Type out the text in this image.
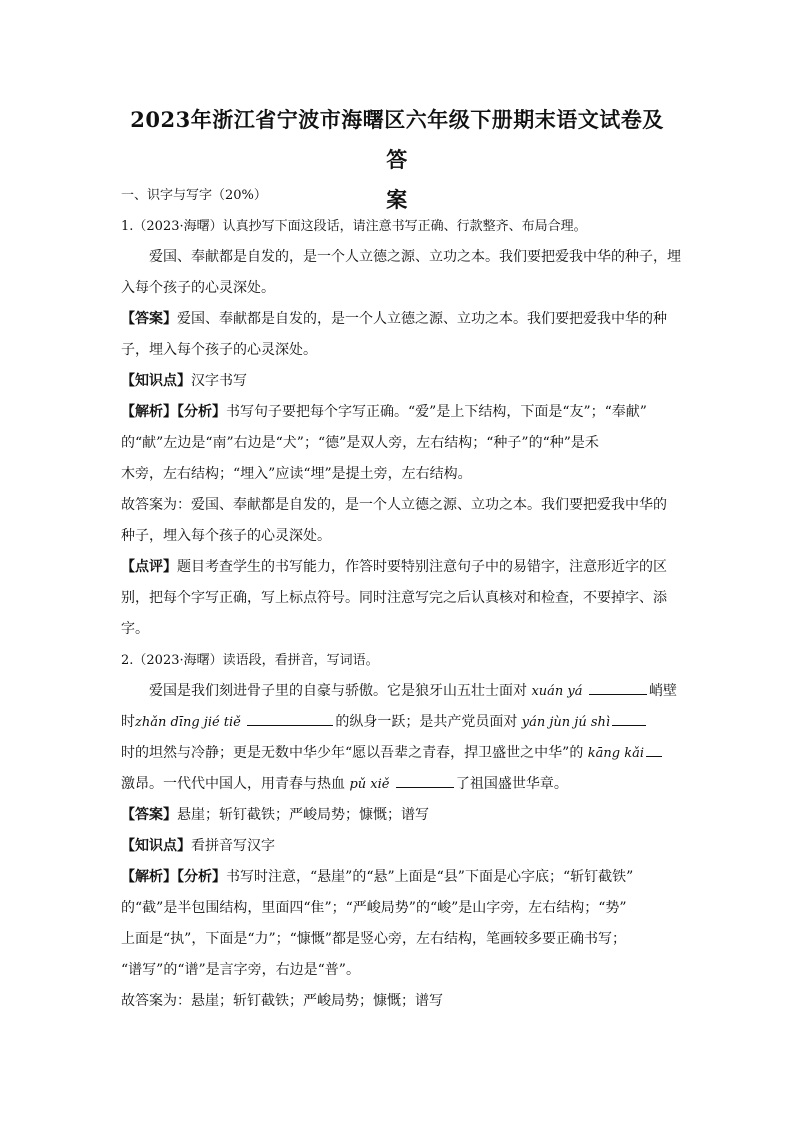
2023年浙江省宁波市海曙区六年级下册期末语文试卷及答
案
一、识字与写字（20%）
1.（2023·海曙）认真抄写下面这段话，请注意书写正确、行款整齐、布局合理。
爱国、奉献都是自发的，是一个人立德之源、立功之本。我们要把爱我中华的种子，埋
入每个孩子的心灵深处。
【答案】爱国、奉献都是自发的，是一个人立德之源、立功之本。我们要把爱我中华的种
子，埋入每个孩子的心灵深处。
【知识点】汉字书写
【解析】【分析】书写句子要把每个字写正确。“爱”是上下结构，下面是“友”；“奉献”
的“献”左边是“南”右边是“犬”；“德”是双人旁，左右结构；“种子”的“种”是禾
木旁，左右结构；“埋入”应读“埋”是提土旁，左右结构。
故答案为：爱国、奉献都是自发的，是一个人立德之源、立功之本。我们要把爱我中华的
种子，埋入每个孩子的心灵深处。
【点评】题目考查学生的书写能力，作答时要特别注意句子中的易错字，注意形近字的区
别，把每个字写正确，写上标点符号。同时注意写完之后认真核对和检查，不要掉字、添
字。
2.（2023·海曙）读语段，看拼音，写词语。
爱国是我们刻进骨子里的自豪与骄傲。它是狼牙山五壮士面对 xuán yá	峭壁
时zhǎn dīng jié tiě	的纵身一跃；是共产党员面对 yán jùn jú shì
时的坦然与冷静；更是无数中华少年“愿以吾辈之青春，捍卫盛世之中华”的 kāng kǎi
激昂。一代代中国人，用青春与热血 pǔ xiě	了祖国盛世华章。
【答案】悬崖；斩钉截铁；严峻局势；慷慨；谱写
【知识点】看拼音写汉字
【解析】【分析】书写时注意，“悬崖”的“悬”上面是“县”下面是心字底；“斩钉截铁”
的“截”是半包围结构，里面四“隹”；“严峻局势”的“峻”是山字旁，左右结构；“势”
上面是“执”，下面是“力”；“慷慨”都是竖心旁，左右结构，笔画较多要正确书写；
“谱写”的“谱”是言字旁，右边是“普”。
故答案为：悬崖；斩钉截铁；严峻局势；慷慨；谱写
